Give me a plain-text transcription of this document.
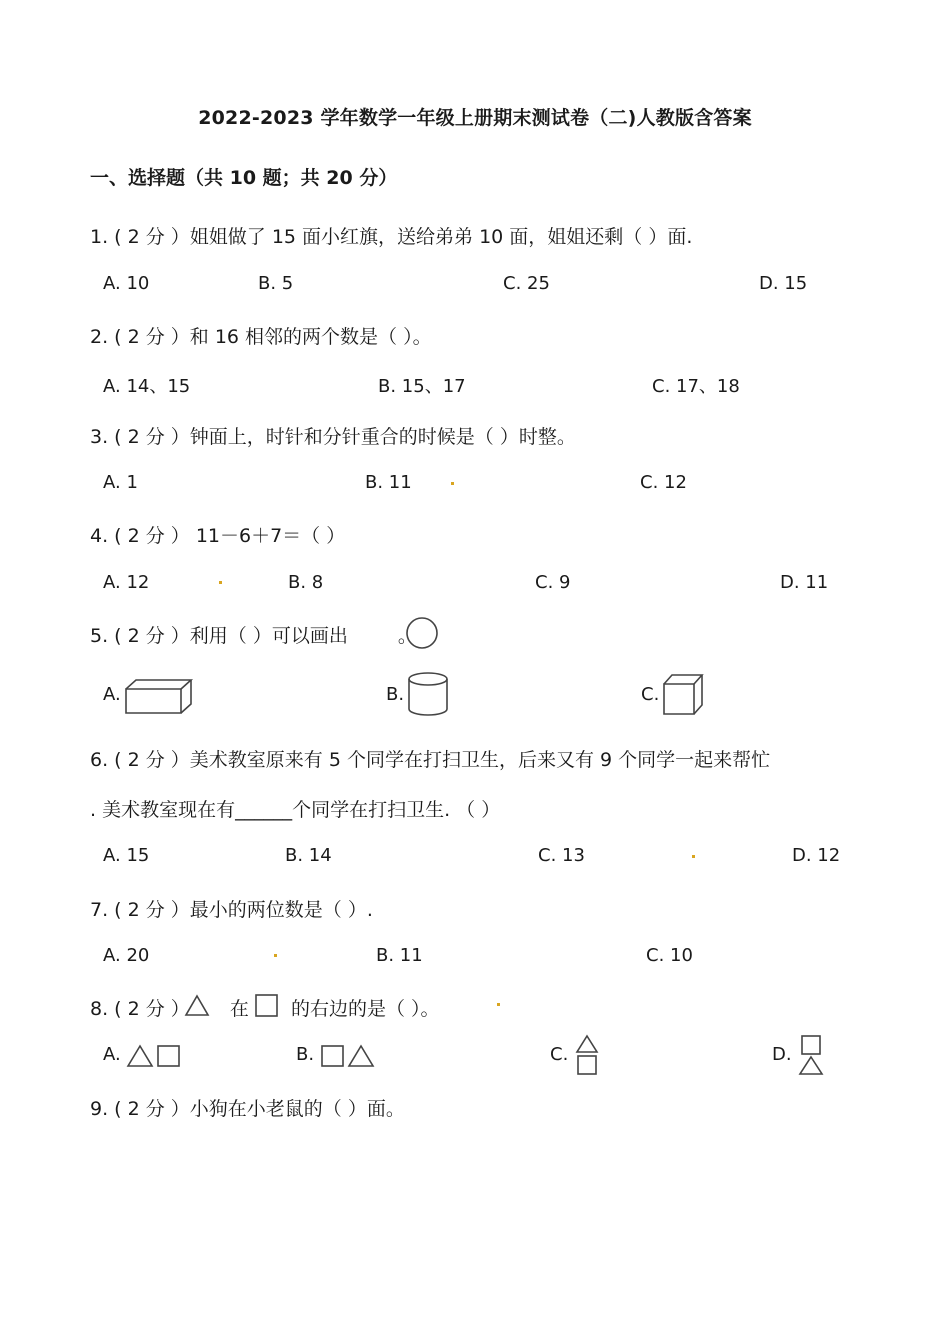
2022-2023 学年数学一年级上册期末测试卷（二)人教版含答案
一、选择题（共 10 题；共 20 分）
1. ( 2 分 ）姐姐做了 15 面小红旗，送给弟弟 10 面，姐姐还剩（ ）面.
A. 10	B. 5	C. 25	D. 15
2. ( 2 分 ）和 16 相邻的两个数是（ ）。
A. 14、15	B. 15、17	C. 17、18
3. ( 2 分 ）钟面上，时针和分针重合的时候是（ ）时整。
A. 1	B. 11	C. 12
4. ( 2 分 ） 11－6＋7＝（ ）
A. 12	B. 8	C. 9	D. 11
5. ( 2 分 ）利用（ ）可以画出	。
A.	B.	C.
6. ( 2 分 ）美术教室原来有 5 个同学在打扫卫生，后来又有 9 个同学一起来帮忙
. 美术教室现在有______个同学在打扫卫生. （ ）
A. 15	B. 14	C. 13	D. 12
7. ( 2 分 ）最小的两位数是（ ）.
A. 20	B. 11	C. 10
8. ( 2 分 ） 在 的右边的是（ ）。
A.	B.	C.	D.
9. ( 2 分 ）小狗在小老鼠的（ ）面。
